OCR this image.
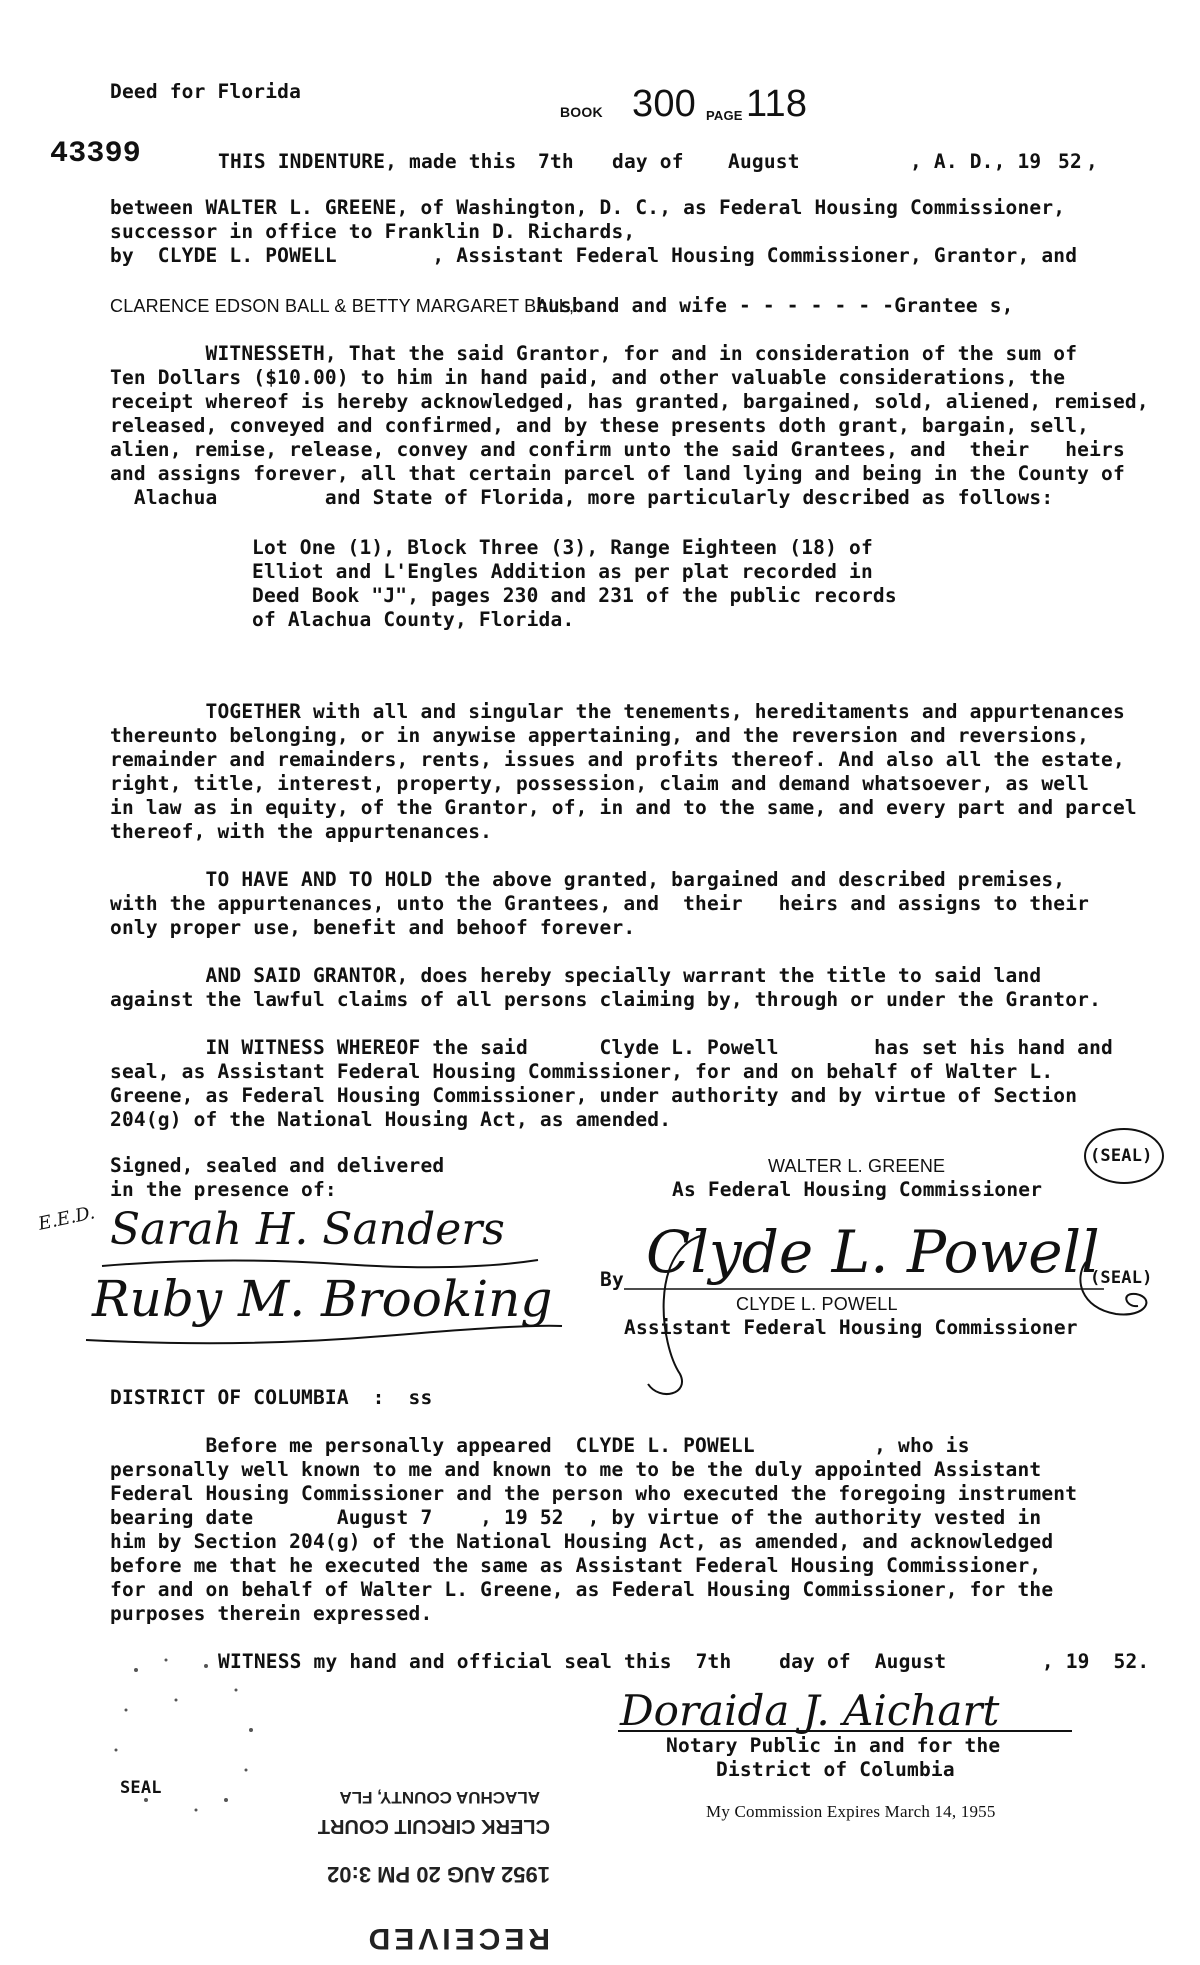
Deed for Florida
BOOK 300 PAGE 118
43399	THIS INDENTURE, made this 7th day of August	, A. D., 19 52 ,
between WALTER L. GREENE, of Washington, D. C., as Federal Housing Commissioner,
successor in office to Franklin D. Richards,
by  CLYDE L. POWELL        , Assistant Federal Housing Commissioner, Grantor, and
CLARENCE EDSON BALL & BETTY MARGARET BALL,
husband and wife - - - - - - -Grantee s,
WITNESSETH, That the said Grantor, for and in consideration of the sum of
Ten Dollars ($10.00) to him in hand paid, and other valuable considerations, the
receipt whereof is hereby acknowledged, has granted, bargained, sold, aliened, remised,
released, conveyed and confirmed, and by these presents doth grant, bargain, sell,
alien, remise, release, convey and confirm unto the said Grantees, and  their   heirs
and assigns forever, all that certain parcel of land lying and being in the County of
Alachua         and State of Florida, more particularly described as follows:
Lot One (1), Block Three (3), Range Eighteen (18) of
Elliot and L'Engles Addition as per plat recorded in
Deed Book "J", pages 230 and 231 of the public records
of Alachua County, Florida.
TOGETHER with all and singular the tenements, hereditaments and appurtenances
thereunto belonging, or in anywise appertaining, and the reversion and reversions,
remainder and remainders, rents, issues and profits thereof. And also all the estate,
right, title, interest, property, possession, claim and demand whatsoever, as well
in law as in equity, of the Grantor, of, in and to the same, and every part and parcel
thereof, with the appurtenances.
TO HAVE AND TO HOLD the above granted, bargained and described premises,
with the appurtenances, unto the Grantees, and  their   heirs and assigns to their
only proper use, benefit and behoof forever.
AND SAID GRANTOR, does hereby specially warrant the title to said land
against the lawful claims of all persons claiming by, through or under the Grantor.
IN WITNESS WHEREOF the said      Clyde L. Powell        has set his hand and
seal, as Assistant Federal Housing Commissioner, for and on behalf of Walter L.
Greene, as Federal Housing Commissioner, under authority and by virtue of Section
204(g) of the National Housing Act, as amended.
Signed, sealed and delivered
in the presence of:
WALTER L. GREENE
As Federal Housing Commissioner
(SEAL)
E.E.D. Sarah H. Sanders
Ruby M. Brooking By Clyde L. Powell
(SEAL)
CLYDE L. POWELL
Assistant Federal Housing Commissioner
DISTRICT OF COLUMBIA  :  ss
Before me personally appeared  CLYDE L. POWELL          , who is
personally well known to me and known to me to be the duly appointed Assistant
Federal Housing Commissioner and the person who executed the foregoing instrument
bearing date       August 7    , 19 52  , by virtue of the authority vested in
him by Section 204(g) of the National Housing Act, as amended, and acknowledged
before me that he executed the same as Assistant Federal Housing Commissioner,
for and on behalf of Walter L. Greene, as Federal Housing Commissioner, for the
purposes therein expressed.
WITNESS my hand and official seal this  7th    day of  August        , 19  52.
Doraida J. Aichart
Notary Public in and for the
District of Columbia
My Commission Expires March 14, 1955
SEAL

RECEIVED

1952 AUG 20 PM 3:02

CLERK CIRCUIT COURT

ALACHUA COUNTY, FLA
